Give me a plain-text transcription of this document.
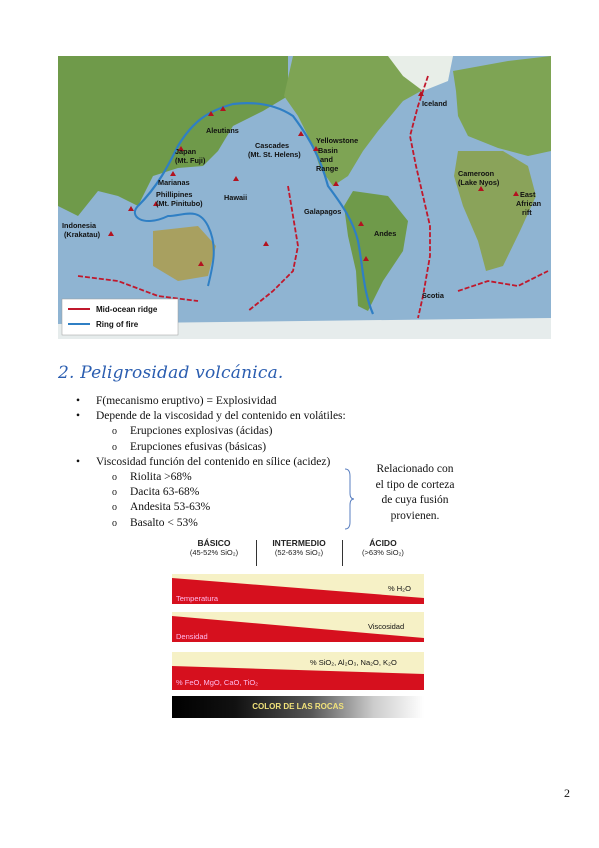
Aleutians
Japan
(Mt. Fuji)
Cascades
(Mt. St. Helens)
Yellowstone
Basin
and
Range
Marianas
Hawaii
Phillipines
(Mt. Pinitubo)
Indonesia
(Krakatau)
Galapagos
Andes
Iceland
Cameroon
(Lake Nyos)
East
African
rift
Scotia
Mid-ocean ridge
Ring of fire
2. Peligrosidad volcánica.
• F(mecanismo eruptivo) = Explosividad
• Depende de la viscosidad y del contenido en volátiles:
o Erupciones explosivas (ácidas)
o Erupciones efusivas (básicas)
• Viscosidad función del contenido en sílice (acidez)
o Riolita >68%
o Dacita 63-68%
o Andesita 53-63%
o Basalto < 53%
Relacionado con
el tipo de corteza
de cuya fusión
provienen.
BÁSICO
(45-52% SiO₂)
INTERMEDIO
(52-63% SiO₂)
ÁCIDO
(>63% SiO₂)
% H₂O
Temperatura
Viscosidad
Densidad
% SiO₂, Al₂O₃, Na₂O, K₂O
% FeO, MgO, CaO, TiO₂
COLOR DE LAS ROCAS
2
